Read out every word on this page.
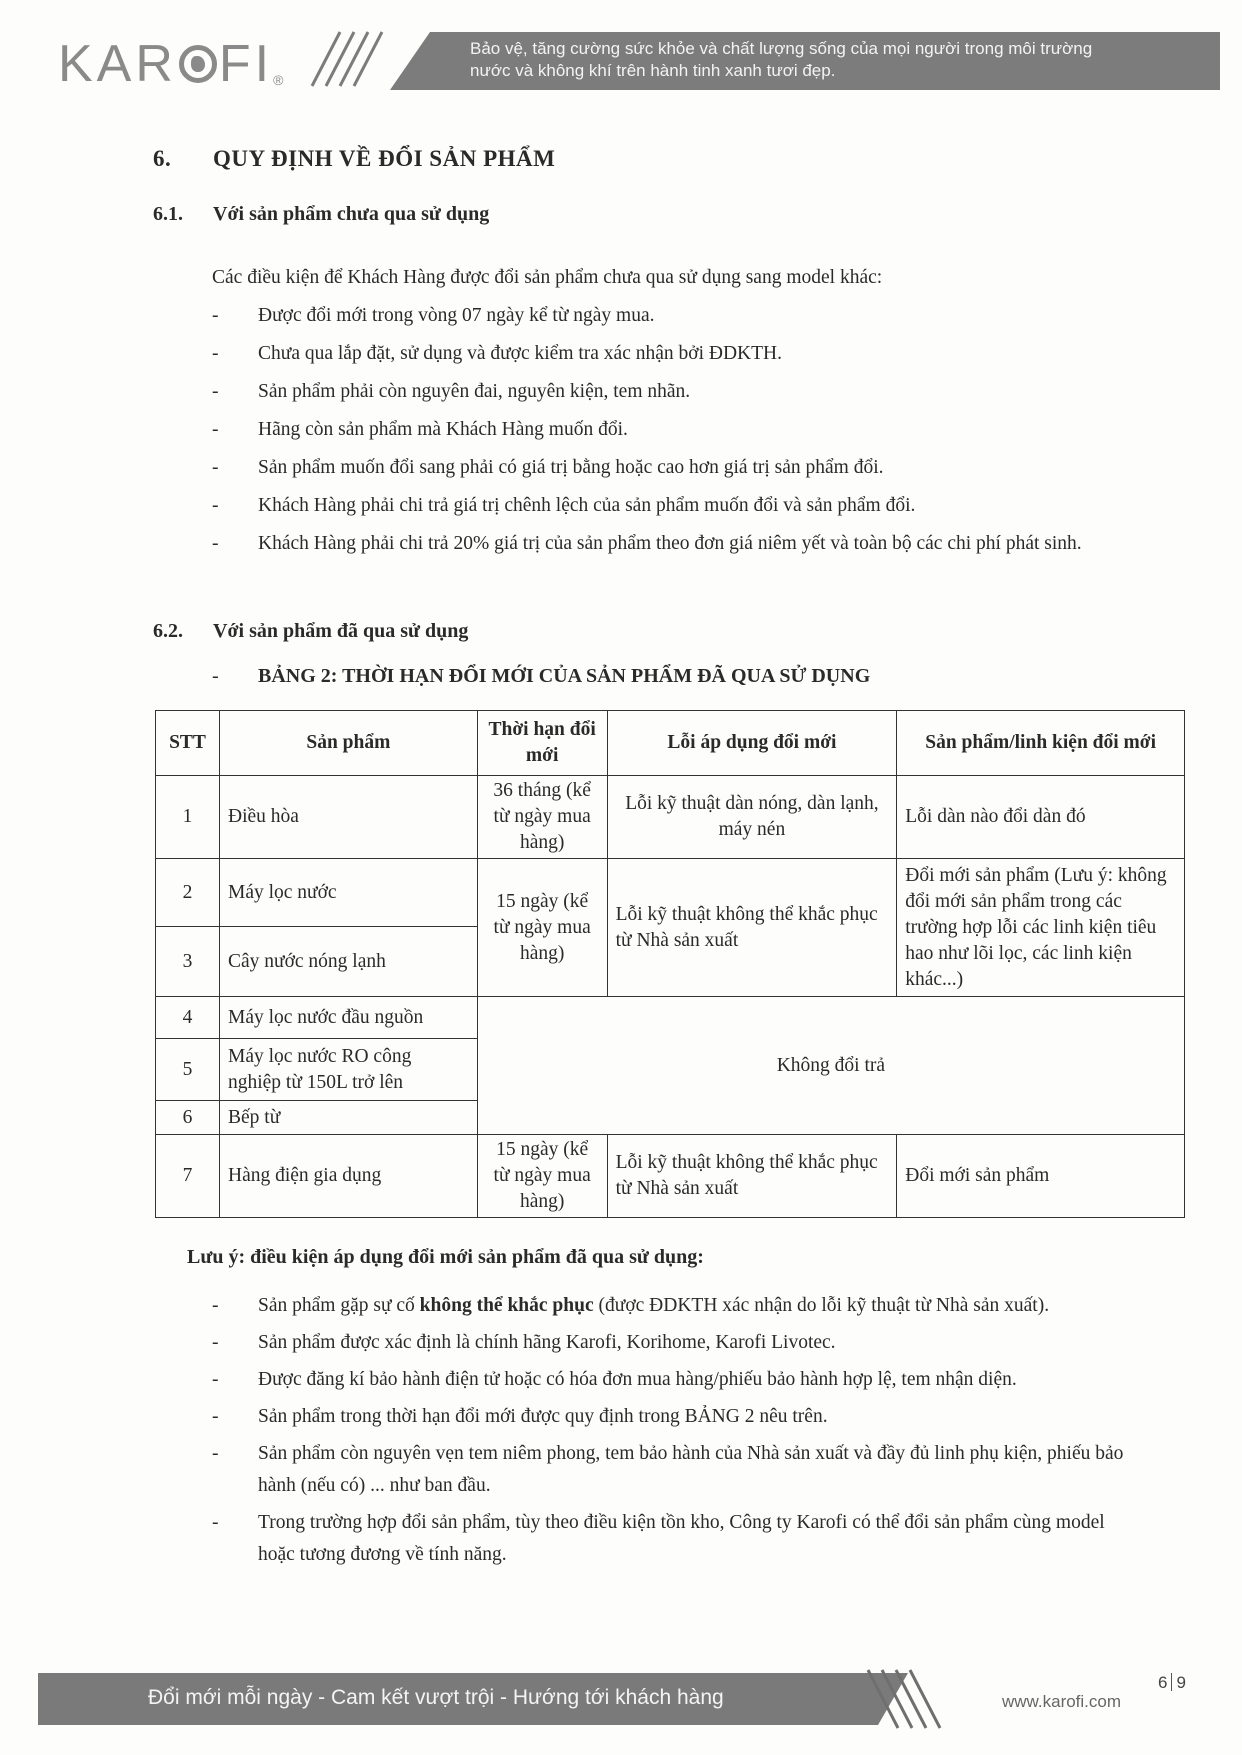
KAR FI®
Bảo vệ, tăng cường sức khỏe và chất lượng sống của mọi người trong môi trường
nước và không khí trên hành tinh xanh tươi đẹp.
6. QUY ĐỊNH VỀ ĐỔI SẢN PHẨM
6.1. Với sản phẩm chưa qua sử dụng
Các điều kiện để Khách Hàng được đổi sản phẩm chưa qua sử dụng sang model khác:
- Được đổi mới trong vòng 07 ngày kể từ ngày mua.
- Chưa qua lắp đặt, sử dụng và được kiểm tra xác nhận bởi ĐDKTH.
- Sản phẩm phải còn nguyên đai, nguyên kiện, tem nhãn.
- Hãng còn sản phẩm mà Khách Hàng muốn đổi.
- Sản phẩm muốn đổi sang phải có giá trị bằng hoặc cao hơn giá trị sản phẩm đổi.
- Khách Hàng phải chi trả giá trị chênh lệch của sản phẩm muốn đổi và sản phẩm đổi.
- Khách Hàng phải chi trả 20% giá trị của sản phẩm theo đơn giá niêm yết và toàn bộ các chi phí phát sinh.
6.2. Với sản phẩm đã qua sử dụng
- BẢNG 2: THỜI HẠN ĐỔI MỚI CỦA SẢN PHẨM ĐÃ QUA SỬ DỤNG
STT	Sản phẩm	Thời hạn đổi mới	Lỗi áp dụng đổi mới	Sản phẩm/linh kiện đổi mới
1	Điều hòa	36 tháng (kể từ ngày mua hàng)	Lỗi kỹ thuật dàn nóng, dàn lạnh, máy nén	Lỗi dàn nào đổi dàn đó
2	Máy lọc nước	15 ngày (kể từ ngày mua hàng)	Lỗi kỹ thuật không thể khắc phục từ Nhà sản xuất	Đổi mới sản phẩm (Lưu ý: không đổi mới sản phẩm trong các trường hợp lỗi các linh kiện tiêu hao như lõi lọc, các linh kiện khác...)
3	Cây nước nóng lạnh			
4	Máy lọc nước đầu nguồn	Không đổi trả		
5	Máy lọc nước RO công nghiệp từ 150L trở lên			
6	Bếp từ			
7	Hàng điện gia dụng	15 ngày (kể từ ngày mua hàng)	Lỗi kỹ thuật không thể khắc phục từ Nhà sản xuất	Đổi mới sản phẩm
Lưu ý: điều kiện áp dụng đổi mới sản phẩm đã qua sử dụng:
- Sản phẩm gặp sự cố không thể khắc phục (được ĐDKTH xác nhận do lỗi kỹ thuật từ Nhà sản xuất).
- Sản phẩm được xác định là chính hãng Karofi, Korihome, Karofi Livotec.
- Được đăng kí bảo hành điện tử hoặc có hóa đơn mua hàng/phiếu bảo hành hợp lệ, tem nhận diện.
- Sản phẩm trong thời hạn đổi mới được quy định trong BẢNG 2 nêu trên.
- Sản phẩm còn nguyên vẹn tem niêm phong, tem bảo hành của Nhà sản xuất và đầy đủ linh phụ kiện, phiếu bảo hành (nếu có) ... như ban đầu.
- Trong trường hợp đổi sản phẩm, tùy theo điều kiện tồn kho, Công ty Karofi có thể đổi sản phẩm cùng model hoặc tương đương về tính năng.
Đổi mới mỗi ngày - Cam kết vượt trội - Hướng tới khách hàng	www.karofi.com
6 9
